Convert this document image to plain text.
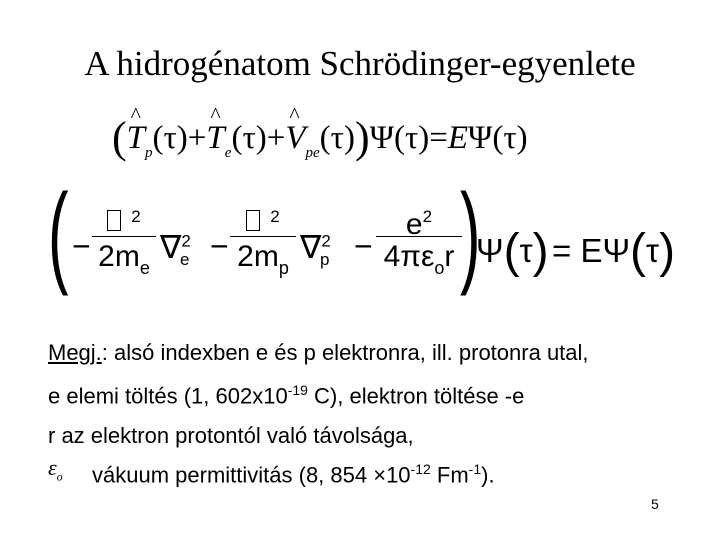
A hidrogénatom Schrödinger-egyenlete
(^ $T_p(\tau)+\^{}$ $T_e(\tau)+\^{}$ $V_{pe}(\tau))\Psi(\tau)=E\Psi(\tau)$
( −
$^2$
$2m_e$
∇$^2$
e −
$^2$
$2m_p$
∇$^2$
p −
$e^2$
$4\pi\varepsilon_or$ )
Ψ(τ) = EΨ(τ)
Megj.: alsó indexben e és p elektronra, ill. protonra utal,
e elemi töltés (1, $602x10^{-19}$ C), elektron töltése -e
r az elektron protontól való távolsága,
$\varepsilon_o$ vákuum permittivitás (8, $854 \times 10^{-12}$ $Fm^{-1}$).
5
